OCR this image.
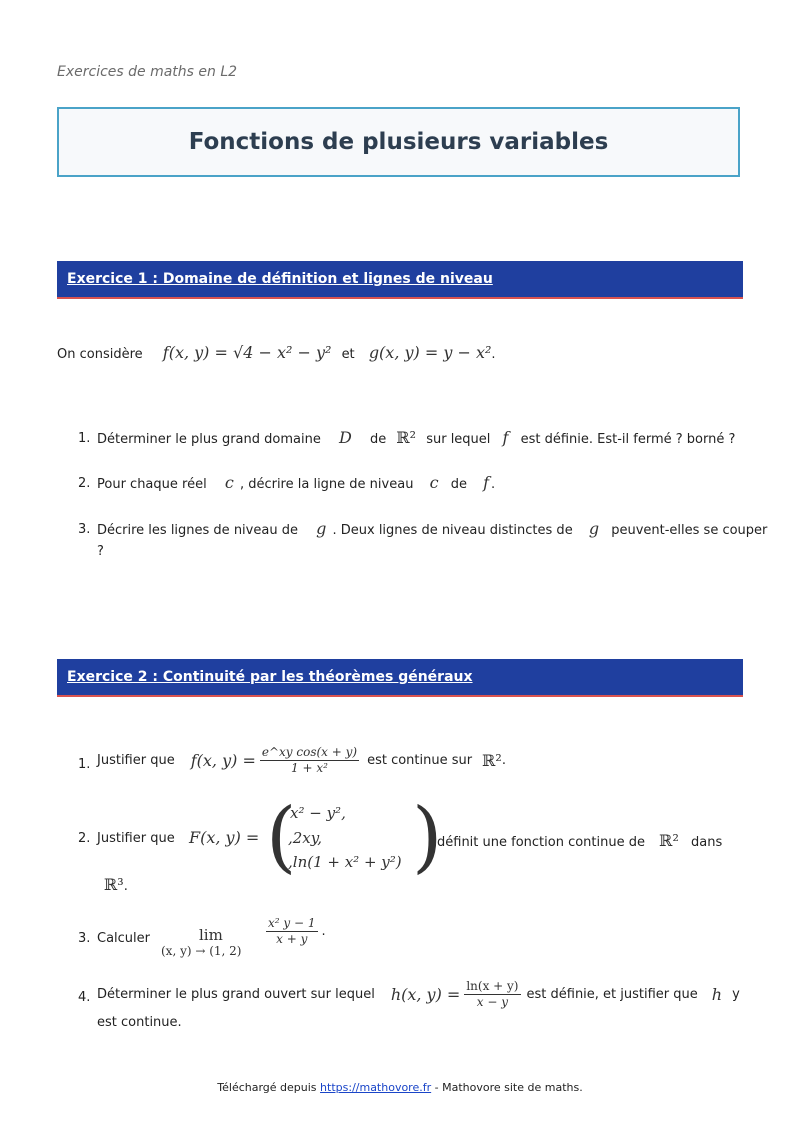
Exercices de maths en L2
Fonctions de plusieurs variables
Exercice 1 : Domaine de définition et lignes de niveau
On considère f(x, y) = √4 − x² − y² et g(x, y) = y − x².
1. Déterminer le plus grand domaine D de ℝ² sur lequel f est définie. Est-il fermé ? borné ?
2. Pour chaque réel c , décrire la ligne de niveau c de f .
3. Décrire les lignes de niveau de g . Deux lignes de niveau distinctes de g peuvent-elles se couper
?
Exercice 2 : Continuité par les théorèmes généraux
1. Justifier que f(x, $y) = \frac{\text{e\textasciicircum{}xy cos(x + y)}}{\text{1 + x²}}$ est continue sur ℝ² .
2. Justifier que F(x, y) = (
x² − y²,
,2xy,
,ln(1 + x² + y²) )
définit une fonction continue de ℝ² dans
ℝ³.
3. Calculer	lim
(x, y) → (1, 2)
$\frac{\text{x² y − 1}}{x + y}$ .
4. Déterminer le plus grand ouvert sur lequel h(x, $y) = \frac{\ln(x + y)}{x - y}$ est définie, et justifier que h y
est continue.
Téléchargé depuis https://mathovore.fr - Mathovore site de maths.
